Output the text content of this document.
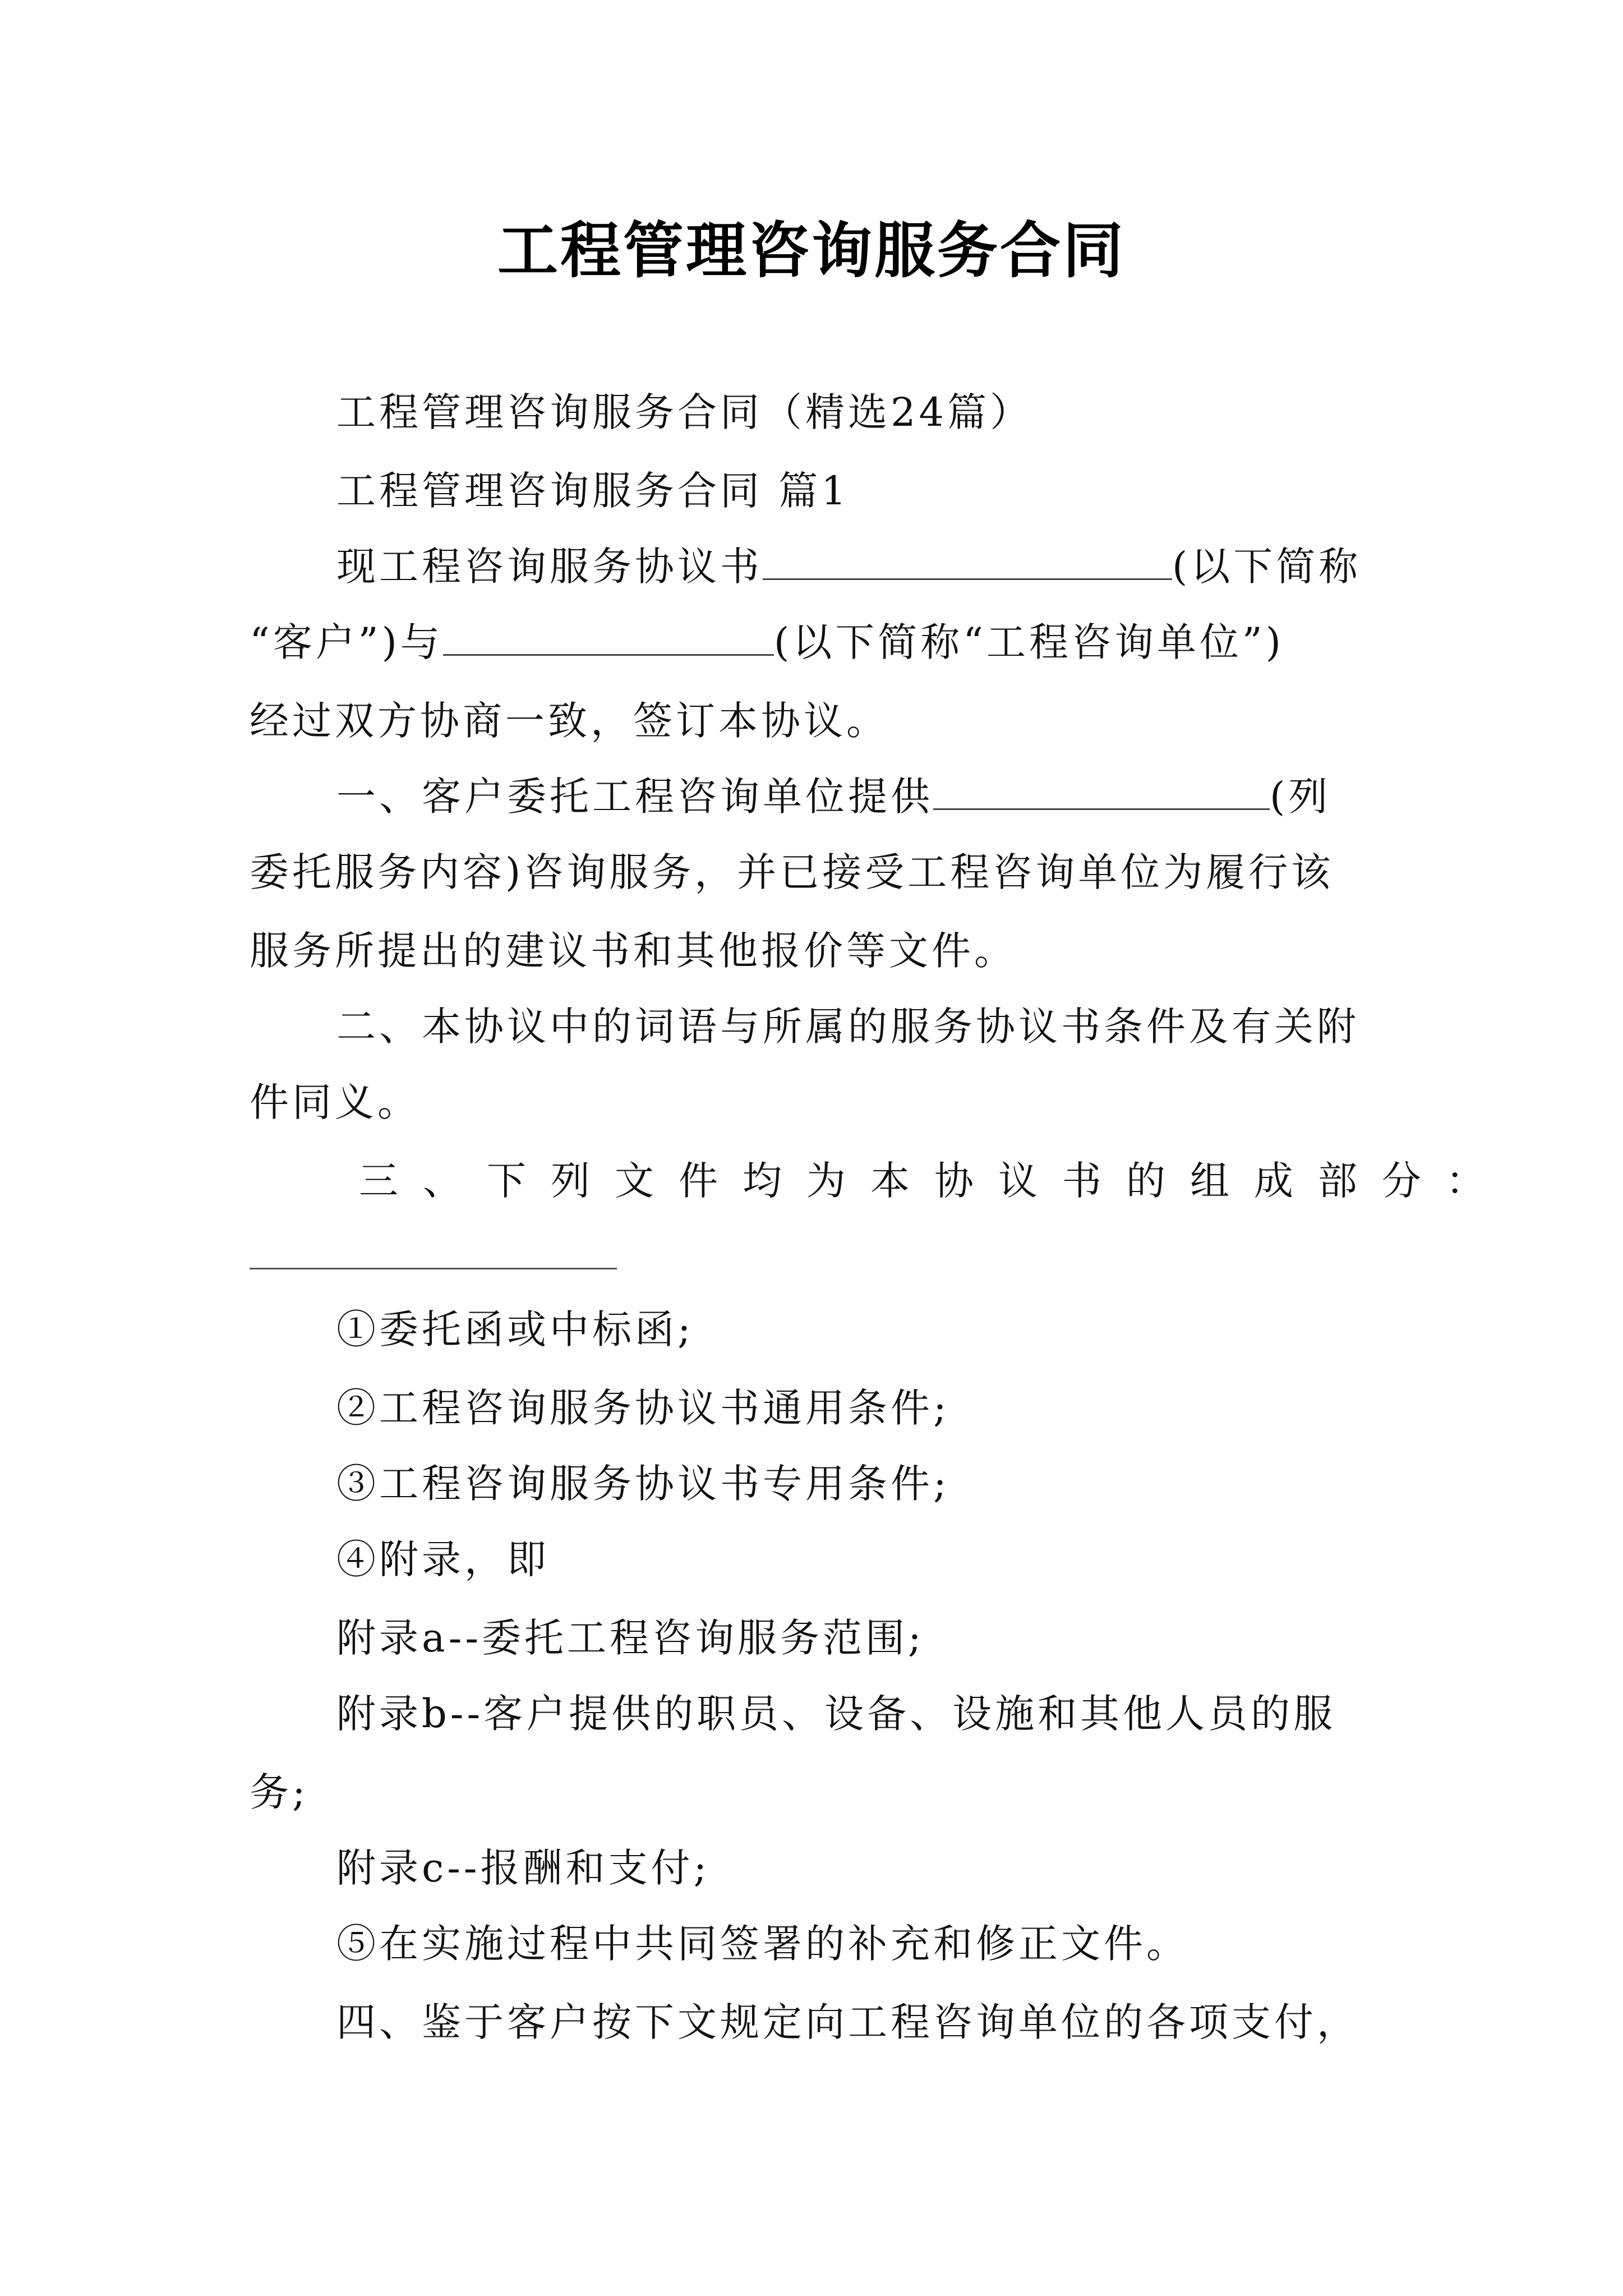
工程管理咨询服务合同
工程管理咨询服务合同（精选24篇）
工程管理咨询服务合同 篇1
现工程咨询服务协议书	(以下简称
“客户”)与	(以下简称“工程咨询单位”)
经过双方协商一致，签订本协议。
一、客户委托工程咨询单位提供	(列
委托服务内容)咨询服务，并已接受工程咨询单位为履行该
服务所提出的建议书和其他报价等文件。
二、本协议中的词语与所属的服务协议书条件及有关附
件同义。
三、下列文件均为本协议书的组成部分：
①委托函或中标函;
②工程咨询服务协议书通用条件;
③工程咨询服务协议书专用条件;
④附录，即
附录a--委托工程咨询服务范围;
附录b--客户提供的职员、设备、设施和其他人员的服
务;
附录c--报酬和支付;
⑤在实施过程中共同签署的补充和修正文件。
四、鉴于客户按下文规定向工程咨询单位的各项支付，
